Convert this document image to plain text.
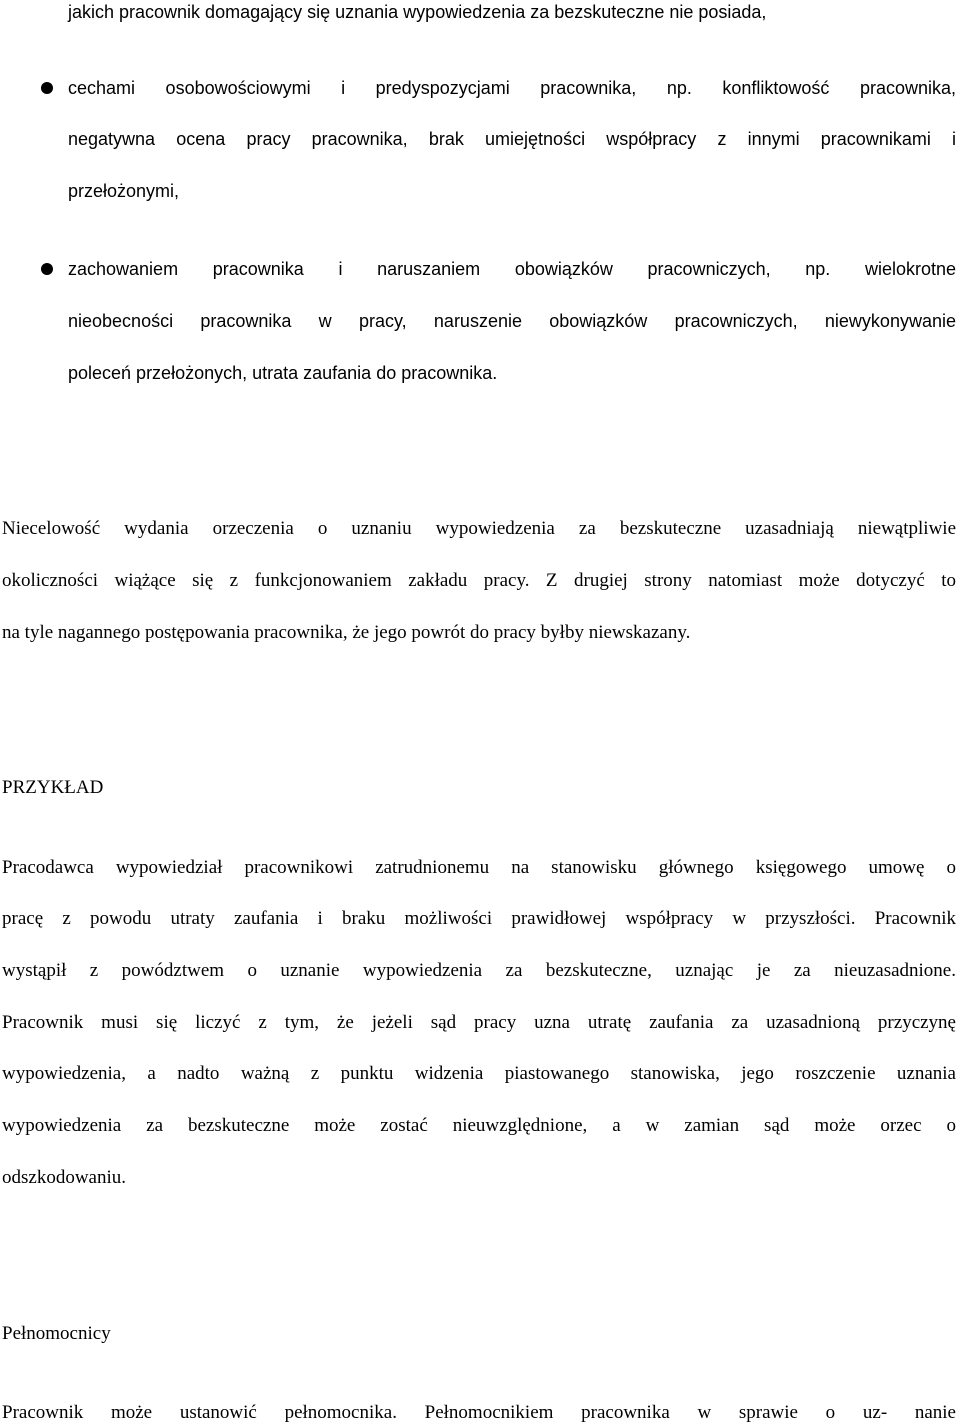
jakich pracownik domagający się uznania wypowiedzenia za bezskuteczne nie posiada,
cechami osobowościowymi i predyspozycjami pracownika, np. konfliktowość pracownika,
negatywna ocena pracy pracownika, brak umiejętności współpracy z innymi pracownikami i
przełożonymi,
zachowaniem pracownika i naruszaniem obowiązków pracowniczych, np. wielokrotne
nieobecności pracownika w pracy, naruszenie obowiązków pracowniczych, niewykonywanie
poleceń przełożonych, utrata zaufania do pracownika.
Niecelowość wydania orzeczenia o uznaniu wypowiedzenia za bezskuteczne uzasadniają niewątpliwie
okoliczności wiążące się z funkcjonowaniem zakładu pracy. Z drugiej strony natomiast może dotyczyć to
na tyle nagannego postępowania pracownika, że jego powrót do pracy byłby niewskazany.
PRZYKŁAD
Pracodawca wypowiedział pracownikowi zatrudnionemu na stanowisku głównego księgowego umowę o
pracę z powodu utraty zaufania i braku możliwości prawidłowej współpracy w przyszłości. Pracownik
wystąpił z powództwem o uznanie wypowiedzenia za bezskuteczne, uznając je za nieuzasadnione.
Pracownik musi się liczyć z tym, że jeżeli sąd pracy uzna utratę zaufania za uzasadnioną przyczynę
wypowiedzenia, a nadto ważną z punktu widzenia piastowanego stanowiska, jego roszczenie uznania
wypowiedzenia za bezskuteczne może zostać nieuwzględnione, a w zamian sąd może orzec o
odszkodowaniu.
Pełnomocnicy
Pracownik może ustanowić pełnomocnika. Pełnomocnikiem pracownika w sprawie o uz- nanie
